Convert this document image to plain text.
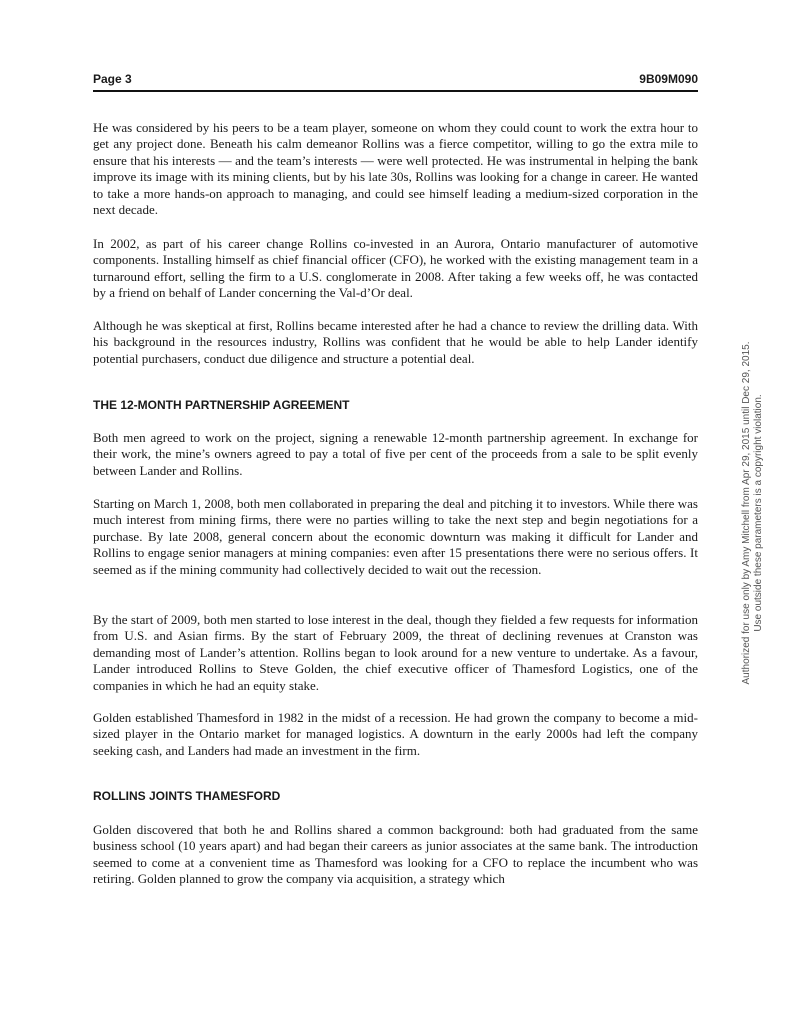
Page 3	9B09M090

He was considered by his peers to be a team player, someone on whom they could count to work the extra hour to get any project done. Beneath his calm demeanor Rollins was a fierce competitor, willing to go the extra mile to ensure that his interests — and the team’s interests — were well protected. He was instrumental in helping the bank improve its image with its mining clients, but by his late 30s, Rollins was looking for a change in career. He wanted to take a more hands-on approach to managing, and could see himself leading a medium-sized corporation in the next decade.

In 2002, as part of his career change Rollins co-invested in an Aurora, Ontario manufacturer of automotive components. Installing himself as chief financial officer (CFO), he worked with the existing management team in a turnaround effort, selling the firm to a U.S. conglomerate in 2008. After taking a few weeks off, he was contacted by a friend on behalf of Lander concerning the Val-d’Or deal.

Although he was skeptical at first, Rollins became interested after he had a chance to review the drilling data. With his background in the resources industry, Rollins was confident that he would be able to help Lander identify potential purchasers, conduct due diligence and structure a potential deal.

THE 12-MONTH PARTNERSHIP AGREEMENT

Both men agreed to work on the project, signing a renewable 12-month partnership agreement. In exchange for their work, the mine’s owners agreed to pay a total of five per cent of the proceeds from a sale to be split evenly between Lander and Rollins.

Starting on March 1, 2008, both men collaborated in preparing the deal and pitching it to investors. While there was much interest from mining firms, there were no parties willing to take the next step and begin negotiations for a purchase. By late 2008, general concern about the economic downturn was making it difficult for Lander and Rollins to engage senior managers at mining companies: even after 15 presentations there were no serious offers. It seemed as if the mining community had collectively decided to wait out the recession.

By the start of 2009, both men started to lose interest in the deal, though they fielded a few requests for information from U.S. and Asian firms. By the start of February 2009, the threat of declining revenues at Cranston was demanding most of Lander’s attention. Rollins began to look around for a new venture to undertake. As a favour, Lander introduced Rollins to Steve Golden, the chief executive officer of Thamesford Logistics, one of the companies in which he had an equity stake.

Golden established Thamesford in 1982 in the midst of a recession. He had grown the company to become a mid-sized player in the Ontario market for managed logistics. A downturn in the early 2000s had left the company seeking cash, and Landers had made an investment in the firm.

ROLLINS JOINTS THAMESFORD

Golden discovered that both he and Rollins shared a common background: both had graduated from the same business school (10 years apart) and had began their careers as junior associates at the same bank. The introduction seemed to come at a convenient time as Thamesford was looking for a CFO to replace the incumbent who was retiring. Golden planned to grow the company via acquisition, a strategy which

Authorized for use only by Amy Mitchell from Apr 29, 2015 until Dec 29, 2015. Use outside these parameters is a copyright violation.
